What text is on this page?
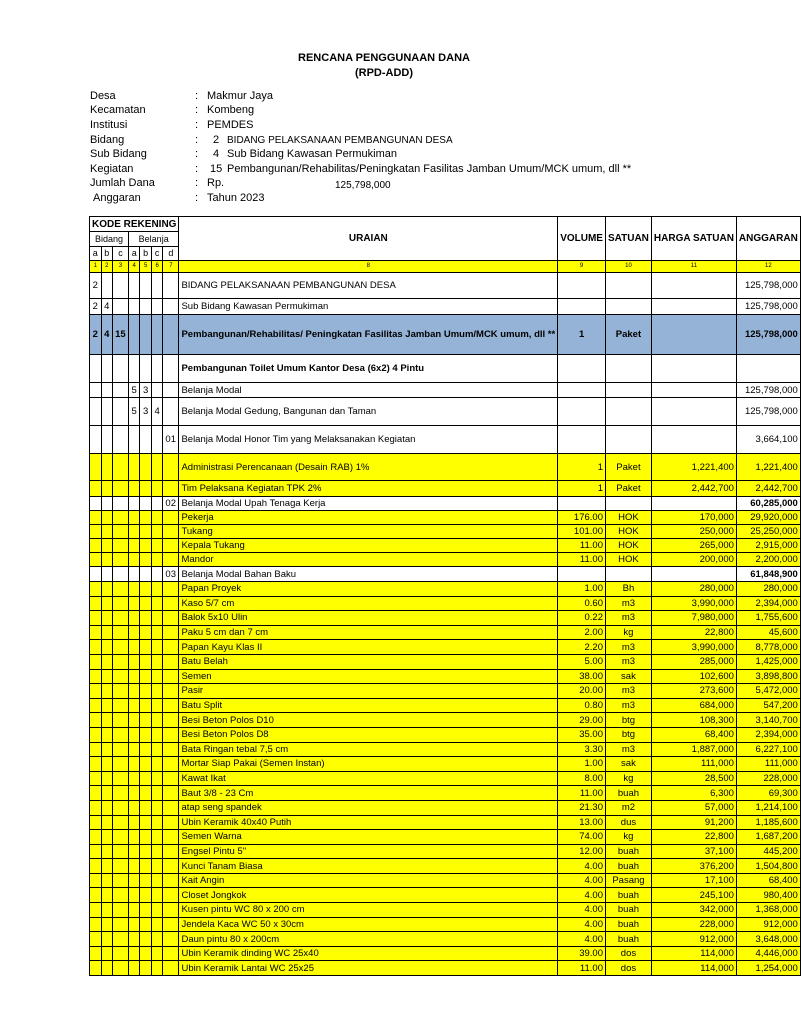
RENCANA PENGGUNAAN DANA
(RPD-ADD)
Desa	: Makmur Jaya
Kecamatan	: Kombeng
Institusi	: PEMDES
Bidang	: 2 BIDANG PELAKSANAAN PEMBANGUNAN DESA
Sub Bidang	: 4 Sub Bidang Kawasan Permukiman
Kegiatan	: 15 Pembangunan/Rehabilitas/Peningkatan Fasilitas Jamban Umum/MCK umum, dll **
Jumlah Dana	: Rp.	125,798,000
Anggaran	: Tahun 2023
KODE REKENING							URAIAN	VOLUME	SATUAN	HARGA SATUAN	ANGGARAN
Bidang			Belanja								
a	b	c	a	b	c	d					
1	2	3	4	5	6	7	8	9	10	11	12
2							BIDANG PELAKSANAAN PEMBANGUNAN DESA				125,798,000
2	4						Sub Bidang Kawasan Permukiman				125,798,000
2	4	15					Pembangunan/Rehabilitas/ Peningkatan Fasilitas Jamban Umum/MCK umum, dll **	1	Paket		125,798,000
							Pembangunan Toilet Umum Kantor Desa (6x2) 4 Pintu				
			5	3			Belanja Modal				125,798,000
			5	3	4		Belanja Modal Gedung, Bangunan dan Taman				125,798,000
						01	Belanja Modal Honor Tim yang Melaksanakan Kegiatan				3,664,100
							Administrasi Perencanaan (Desain RAB) 1%	1	Paket	1,221,400	1,221,400
							Tim Pelaksana Kegiatan TPK 2%	1	Paket	2,442,700	2,442,700
						02	Belanja Modal Upah Tenaga Kerja				60,285,000
							Pekerja	176.00	HOK	170,000	29,920,000
							Tukang	101.00	HOK	250,000	25,250,000
							Kepala Tukang	11.00	HOK	265,000	2,915,000
							Mandor	11.00	HOK	200,000	2,200,000
						03	Belanja Modal Bahan Baku				61,848,900
							Papan Proyek	1.00	Bh	280,000	280,000
							Kaso 5/7 cm	0.60	m3	3,990,000	2,394,000
							Balok 5x10 Ulin	0.22	m3	7,980,000	1,755,600
							Paku 5 cm dan 7 cm	2.00	kg	22,800	45,600
							Papan Kayu Klas II	2.20	m3	3,990,000	8,778,000
							Batu Belah	5.00	m3	285,000	1,425,000
							Semen	38.00	sak	102,600	3,898,800
							Pasir	20.00	m3	273,600	5,472,000
							Batu Split	0.80	m3	684,000	547,200
							Besi Beton Polos D10	29.00	btg	108,300	3,140,700
							Besi Beton Polos D8	35.00	btg	68,400	2,394,000
							Bata Ringan tebal 7,5 cm	3.30	m3	1,887,000	6,227,100
							Mortar Siap Pakai (Semen Instan)	1.00	sak	111,000	111,000
							Kawat Ikat	8.00	kg	28,500	228,000
							Baut 3/8 - 23 Cm	11.00	buah	6,300	69,300
							atap seng spandek	21.30	m2	57,000	1,214,100
							Ubin Keramik 40x40 Putih	13.00	dus	91,200	1,185,600
							Semen Warna	74.00	kg	22,800	1,687,200
							Engsel Pintu 5"	12.00	buah	37,100	445,200
							Kunci Tanam Biasa	4.00	buah	376,200	1,504,800
							Kait Angin	4.00	Pasang	17,100	68,400
							Closet Jongkok	4.00	buah	245,100	980,400
							Kusen pintu WC 80 x 200 cm	4.00	buah	342,000	1,368,000
							Jendela Kaca WC 50 x 30cm	4.00	buah	228,000	912,000
							Daun pintu 80 x 200cm	4.00	buah	912,000	3,648,000
							Ubin Keramik dinding WC 25x40	39.00	dos	114,000	4,446,000
							Ubin Keramik Lantai WC 25x25	11.00	dos	114,000	1,254,000
